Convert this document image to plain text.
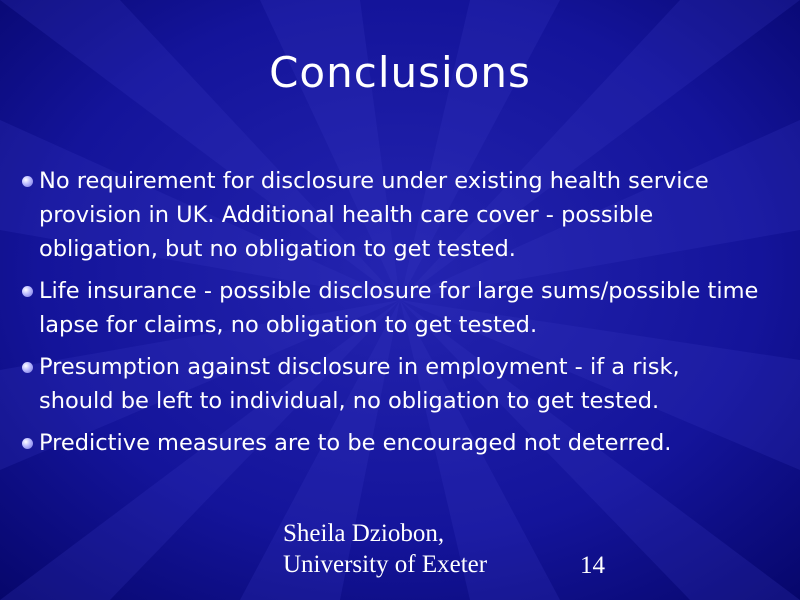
Conclusions
No requirement for disclosure under existing health service provision in UK. Additional health care cover - possible obligation, but no obligation to get tested.
Life insurance - possible disclosure for large sums/possible time lapse for claims, no obligation to get tested.
Presumption against disclosure in employment - if a risk, should be left to individual, no obligation to get tested.
Predictive measures are to be encouraged not deterred.
Sheila Dziobon,
University of Exeter	14
